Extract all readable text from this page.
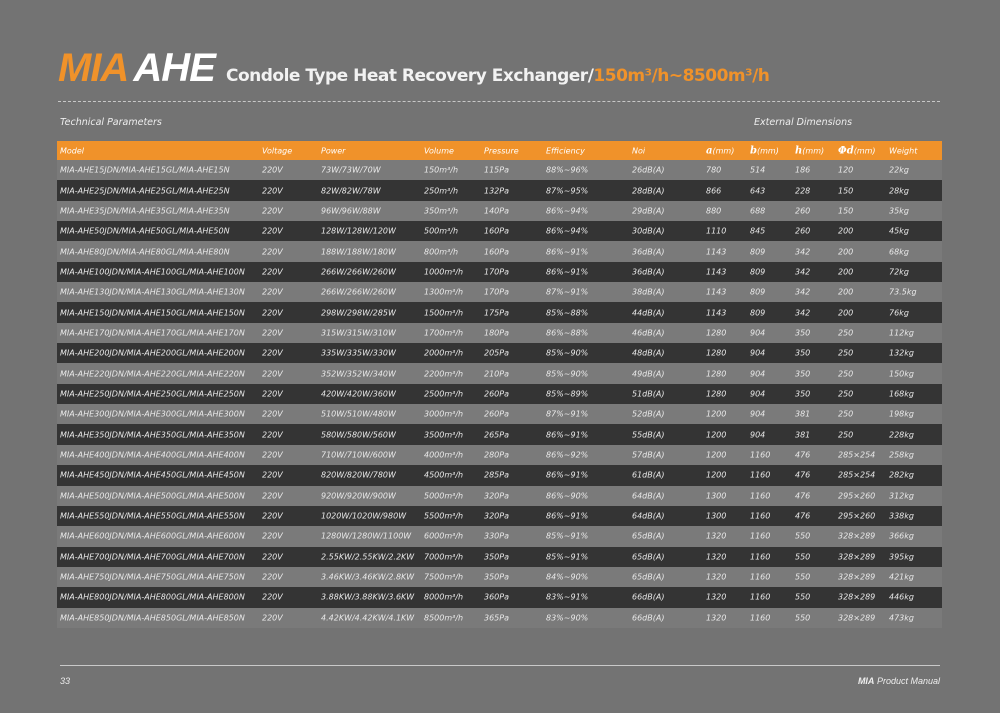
MIA AHE Condole Type Heat Recovery Exchanger/150m³/h~8500m³/h
Technical Parameters	External Dimensions
Model	Voltage	Power	Volume	Pressure	Efficiency	Noi	a(mm) b(mm) h(mm) Φd(mm) Weight
MIA-AHE15JDN/MIA-AHE15GL/MIA-AHE15N	220V	73W/73W/70W	150m³/h	115Pa	88%~96%	26dB(A)	780	514	186	120	22kg
MIA-AHE25JDN/MIA-AHE25GL/MIA-AHE25N	220V	82W/82W/78W	250m³/h	132Pa	87%~95%	28dB(A)	866	643	228	150	28kg
MIA-AHE35JDN/MIA-AHE35GL/MIA-AHE35N	220V	96W/96W/88W	350m³/h	140Pa	86%~94%	29dB(A)	880	688	260	150	35kg
MIA-AHE50JDN/MIA-AHE50GL/MIA-AHE50N	220V	128W/128W/120W	500m³/h	160Pa	86%~94%	30dB(A)	1110	845	260	200	45kg
MIA-AHE80JDN/MIA-AHE80GL/MIA-AHE80N	220V	188W/188W/180W	800m³/h	160Pa	86%~91%	36dB(A)	1143	809	342	200	68kg
MIA-AHE100JDN/MIA-AHE100GL/MIA-AHE100N 220V	266W/266W/260W	1000m³/h	170Pa	86%~91%	36dB(A)	1143	809	342	200	72kg
MIA-AHE130JDN/MIA-AHE130GL/MIA-AHE130N 220V	266W/266W/260W	1300m³/h	170Pa	87%~91%	38dB(A)	1143	809	342	200	73.5kg
MIA-AHE150JDN/MIA-AHE150GL/MIA-AHE150N 220V	298W/298W/285W	1500m³/h	175Pa	85%~88%	44dB(A)	1143	809	342	200	76kg
MIA-AHE170JDN/MIA-AHE170GL/MIA-AHE170N 220V	315W/315W/310W	1700m³/h	180Pa	86%~88%	46dB(A)	1280	904	350	250	112kg
MIA-AHE200JDN/MIA-AHE200GL/MIA-AHE200N 220V	335W/335W/330W	2000m³/h	205Pa	85%~90%	48dB(A)	1280	904	350	250	132kg
MIA-AHE220JDN/MIA-AHE220GL/MIA-AHE220N 220V	352W/352W/340W	2200m³/h	210Pa	85%~90%	49dB(A)	1280	904	350	250	150kg
MIA-AHE250JDN/MIA-AHE250GL/MIA-AHE250N 220V	420W/420W/360W	2500m³/h	260Pa	85%~89%	51dB(A)	1280	904	350	250	168kg
MIA-AHE300JDN/MIA-AHE300GL/MIA-AHE300N 220V	510W/510W/480W	3000m³/h	260Pa	87%~91%	52dB(A)	1200	904	381	250	198kg
MIA-AHE350JDN/MIA-AHE350GL/MIA-AHE350N 220V	580W/580W/560W	3500m³/h	265Pa	86%~91%	55dB(A)	1200	904	381	250	228kg
MIA-AHE400JDN/MIA-AHE400GL/MIA-AHE400N 220V	710W/710W/600W	4000m³/h	280Pa	86%~92%	57dB(A)	1200	1160	476	285×254 258kg
MIA-AHE450JDN/MIA-AHE450GL/MIA-AHE450N 220V	820W/820W/780W	4500m³/h	285Pa	86%~91%	61dB(A)	1200	1160	476	285×254 282kg
MIA-AHE500JDN/MIA-AHE500GL/MIA-AHE500N 220V	920W/920W/900W	5000m³/h	320Pa	86%~90%	64dB(A)	1300	1160	476	295×260 312kg
MIA-AHE550JDN/MIA-AHE550GL/MIA-AHE550N 220V	1020W/1020W/980W 5500m³/h	320Pa	86%~91%	64dB(A)	1300	1160	476	295×260 338kg
MIA-AHE600JDN/MIA-AHE600GL/MIA-AHE600N 220V	1280W/1280W/1100W 6000m³/h	330Pa	85%~91%	65dB(A)	1320	1160	550	328×289 366kg
MIA-AHE700JDN/MIA-AHE700GL/MIA-AHE700N 220V	2.55KW/2.55KW/2.2KW 7000m³/h	350Pa	85%~91%	65dB(A)	1320	1160	550	328×289 395kg
MIA-AHE750JDN/MIA-AHE750GL/MIA-AHE750N 220V	3.46KW/3.46KW/2.8KW 7500m³/h	350Pa	84%~90%	65dB(A)	1320	1160	550	328×289 421kg
MIA-AHE800JDN/MIA-AHE800GL/MIA-AHE800N 220V	3.88KW/3.88KW/3.6KW 8000m³/h	360Pa	83%~91%	66dB(A)	1320	1160	550	328×289 446kg
MIA-AHE850JDN/MIA-AHE850GL/MIA-AHE850N 220V	4.42KW/4.42KW/4.1KW 8500m³/h	365Pa	83%~90%	66dB(A)	1320	1160	550	328×289 473kg
33	MIA Product Manual
